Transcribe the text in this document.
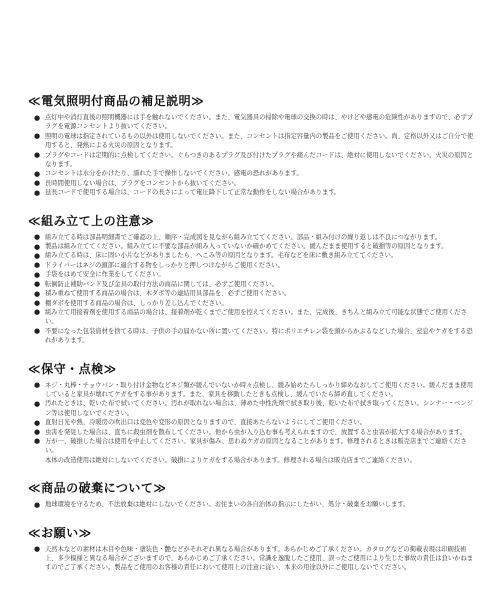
≪電気照明付商品の補足説明≫
● 点灯中や消灯直後の照明機器には手を触れないでください。また、電気器具の掃除や電球の交換の時は、やけどや感電の危険性がありますので、必ずプラグを電源コンセントより抜いてください。
● 照明の電球は指定されているもの以外は使用しないでください。また、コンセントは指定容量内の製品をご使用ください。尚、定格以外又はご自分で使用すると、発熱による火災の原因となります。
● プラグやコードは定期的に点検してください。ぐらつきのあるプラグ及び付けたプラグや痛んだコードは、絶対に使用しないでください。火災の原因となります。
● コンセントは水分をかけたり、濡れた手で操作しないでください。感電の恐れがあります。
● 長時間使用しない場合は、プラグをコンセントから抜いてください。
● 延長コードで使用する場合は、コードの長さによって電圧降下して正常な動作をしない場合があります。
≪組み立て上の注意≫
● 組み立てる時は部品明細書でご確認の上、順序・完成図を見ながら組み立ててください。部品・組み付けの繰り返しは不良につながります。
● 製品は組み立ててください。組み立てに不要な部品が組み入っていないか確かめてください。緩んだまま使用すると破損等の原因となります。
● 組み立てる時は、床に固い小片などがありましたら、へこみ等の原因となります。毛布などを床に敷き組み立ててください。
● ドライバーはネジの頭部に適合する物をしっかりと押しつけながらご使用ください。
● 手袋をはめて安全に作業をしてください。
● 転倒防止補助バンド及び金具の取付方法の商品に関しては、必ずご使用ください。
● 積み重ねて使用する商品の場合は、木ダボ等の連結用具部品を、必ずご使用ください。
● 棚ダボを使用する商品の場合は、しっかり差し込んでください。
● 組み立て用接着剤を使用する商品の場合は、接着剤が乾くまでご使用を控えてください。また、完成後、きちんと組み立て可能な状態でご使用ください。
● 不要になった包装資材を捨てる時は、子供の手の届かない所に置いてください。特にポリエチレン袋を頭からかぶるなどした場合、窒息やケガをする恐れがあります。
≪保守・点検≫
● ネジ・丸棒・チョウバン・取り付け金物などネジ類が緩んでいないか時々点検し、緩み始めたらしっかり締めなおしてご使用ください。緩んだまま使用していると家具が壊れてケガをする事があります。また、家具を移動したときも点検し、緩んでいたら締め直してください。
● 汚れたときは、乾いた布で拭いてください。汚れが取れない場合は、薄めた中性洗剤で拭き取り後、乾いた布で拭き取ってください。シンナー・ベンジン等は使用しないでください。
● 直射日光や熱、冷暖房の吹出口は変色や変形の原因となりますので、直接あたらないようにしてご使用ください。
● 虫害を発見した場合は、直ちに殺虫剤を散布してください。他から虫が入り込む事も考えられますので、放置すると虫害が拡大する場合があります。
● 万が一、破損した場合は使用を中止してください。家具が傷み、思わぬケガの原因となることがあります。修理されるときは販売店までご連絡ください。
本体の改造使用は絶対にしないでください。破損によりケガをする場合があります。修理される場合は販売店までご連絡ください。
≪商品の破棄について≫
● 地球環境を守るため、不法放棄は絶対にしないでください。お住まいの各自治体の指示にしたがい、処分・破棄をお願いします。
≪お願い≫
● 天然木などの素材は木目や色味・塗装色・艶などがそれぞれ異なる場合があります。あらかじめご了承ください。カタログなどの掲載表現は印刷技術上、多少模様と異なる場合がございますので、あらかじめご了承ください。常識を逸脱したご使用、誤ったご使用により生じた事故の責任は負いかねますのでご了承ください。製品をご使用のお客様の責任において使用上の注意に従い、本来の用途以外にご使用しないでください。
